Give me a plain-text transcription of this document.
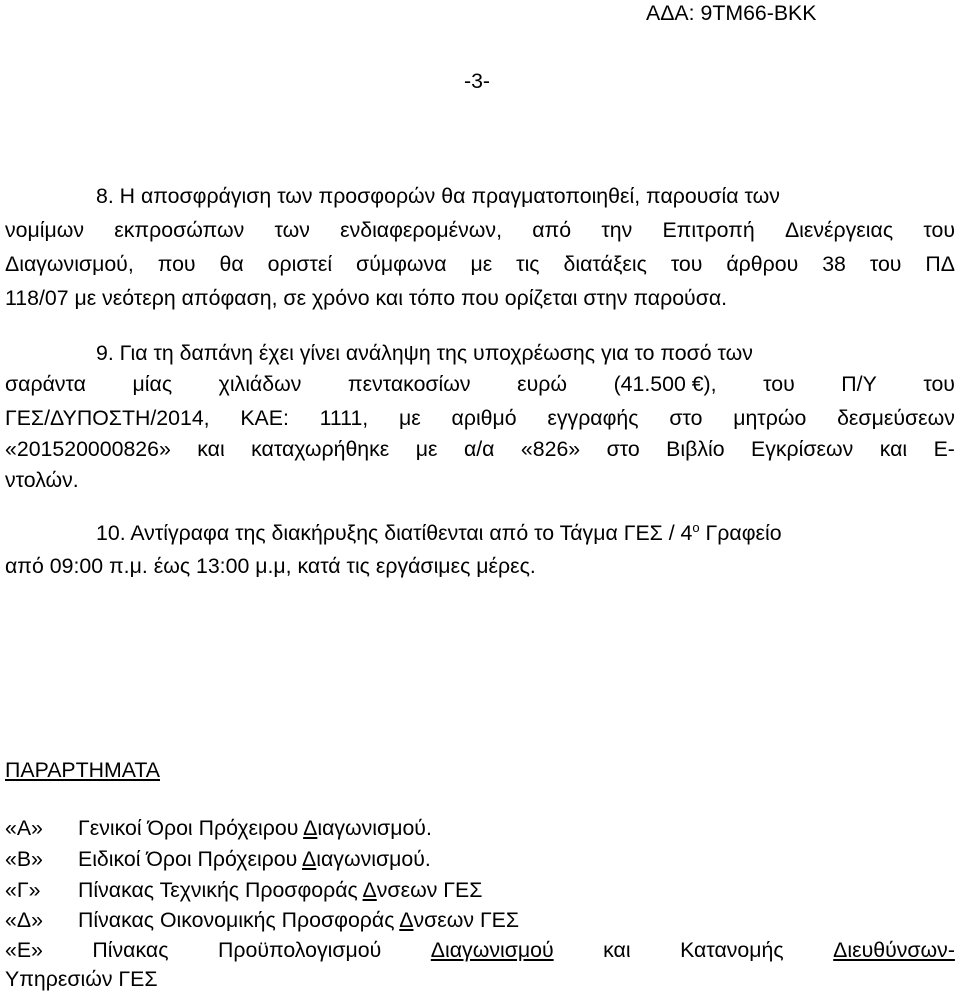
ΑΔΑ: 9ΤΜ66-ΒΚΚ
-3-
8. Η αποσφράγιση των προσφορών θα πραγματοποιηθεί, παρουσία των
νομίμων εκπροσώπων των ενδιαφερομένων, από την Επιτροπή Διενέργειας του
Διαγωνισμού, που θα οριστεί σύμφωνα με τις διατάξεις του άρθρου 38 του ΠΔ
118/07 με νεότερη απόφαση, σε χρόνο και τόπο που ορίζεται στην παρούσα.
9. Για τη δαπάνη έχει γίνει ανάληψη της υποχρέωσης για το ποσό των
σαράντα μίας χιλιάδων πεντακοσίων ευρώ (41.500 €), του Π/Υ του
ΓΕΣ/ΔΥΠΟΣΤΗ/2014, ΚΑΕ: 1111, με αριθμό εγγραφής στο μητρώο δεσμεύσεων
«201520000826» και καταχωρήθηκε με α/α «826» στο Βιβλίο Εγκρίσεων και Ε-
ντολών.
10. Αντίγραφα της διακήρυξης διατίθενται από το Τάγμα ΓΕΣ / $4^o$ Γραφείο
από 09:00 π.μ. έως 13:00 μ.μ, κατά τις εργάσιμες μέρες.
ΠΑΡΑΡΤΗΜΑΤΑ
«Α» Γενικοί Όροι Πρόχειρου Διαγωνισμού.
«Β» Ειδικοί Όροι Πρόχειρου Διαγωνισμού.
«Γ» Πίνακας Τεχνικής Προσφοράς Δνσεων ΓΕΣ
«Δ» Πίνακας Οικονομικής Προσφοράς Δνσεων ΓΕΣ
«Ε» Πίνακας Προϋπολογισμού Διαγωνισμού και Κατανομής Διευθύνσων-
Υπηρεσιών ΓΕΣ
